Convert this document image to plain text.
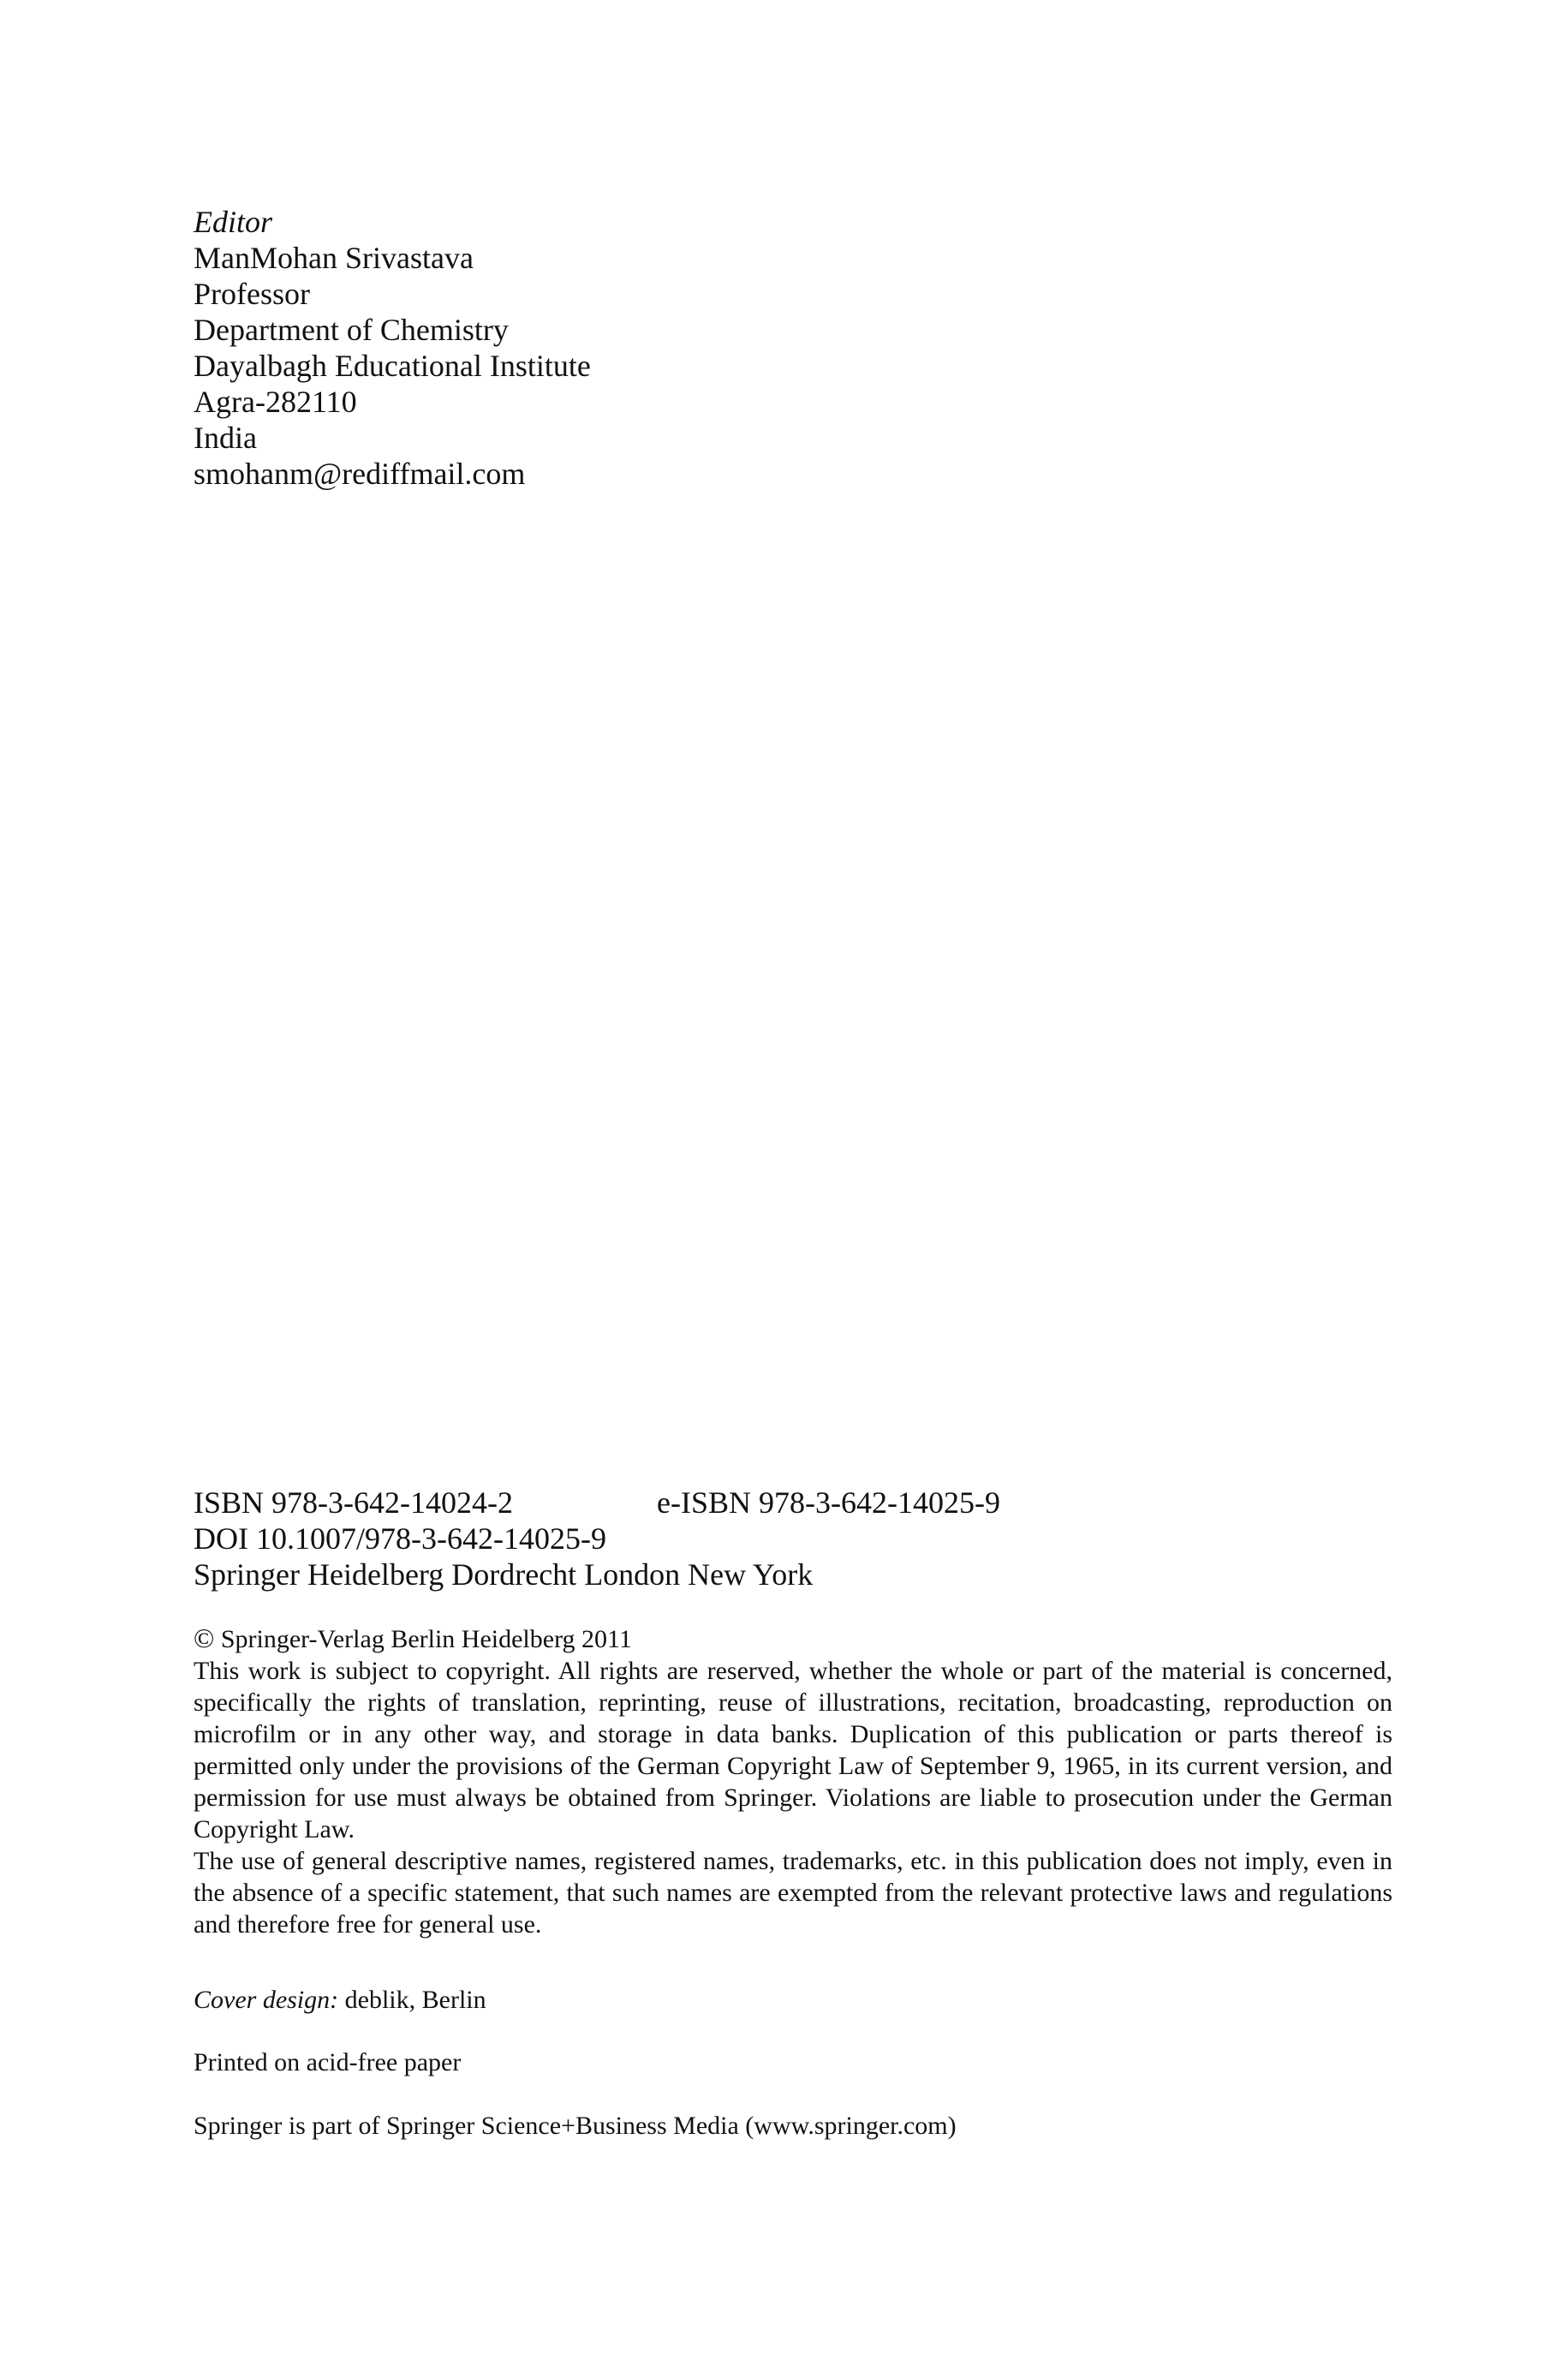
Editor
ManMohan Srivastava
Professor
Department of Chemistry
Dayalbagh Educational Institute
Agra-282110
India
smohanm@rediffmail.com
ISBN 978-3-642-14024-2	e-ISBN 978-3-642-14025-9
DOI 10.1007/978-3-642-14025-9
Springer Heidelberg Dordrecht London New York
© Springer-Verlag Berlin Heidelberg 2011

This work is subject to copyright. All rights are reserved, whether the whole or part of the material is concerned, specifically the rights of translation, reprinting, reuse of illustrations, recitation, broadcasting, reproduction on microfilm or in any other way, and storage in data banks. Duplication of this publication or parts thereof is permitted only under the provisions of the German Copyright Law of September 9, 1965, in its current version, and permission for use must always be obtained from Springer. Violations are liable to prosecution under the German Copyright Law.

The use of general descriptive names, registered names, trademarks, etc. in this publication does not imply, even in the absence of a specific statement, that such names are exempted from the relevant protective laws and regulations and therefore free for general use.

Cover design: deblik, Berlin
Printed on acid-free paper
Springer is part of Springer Science+Business Media (www.springer.com)
